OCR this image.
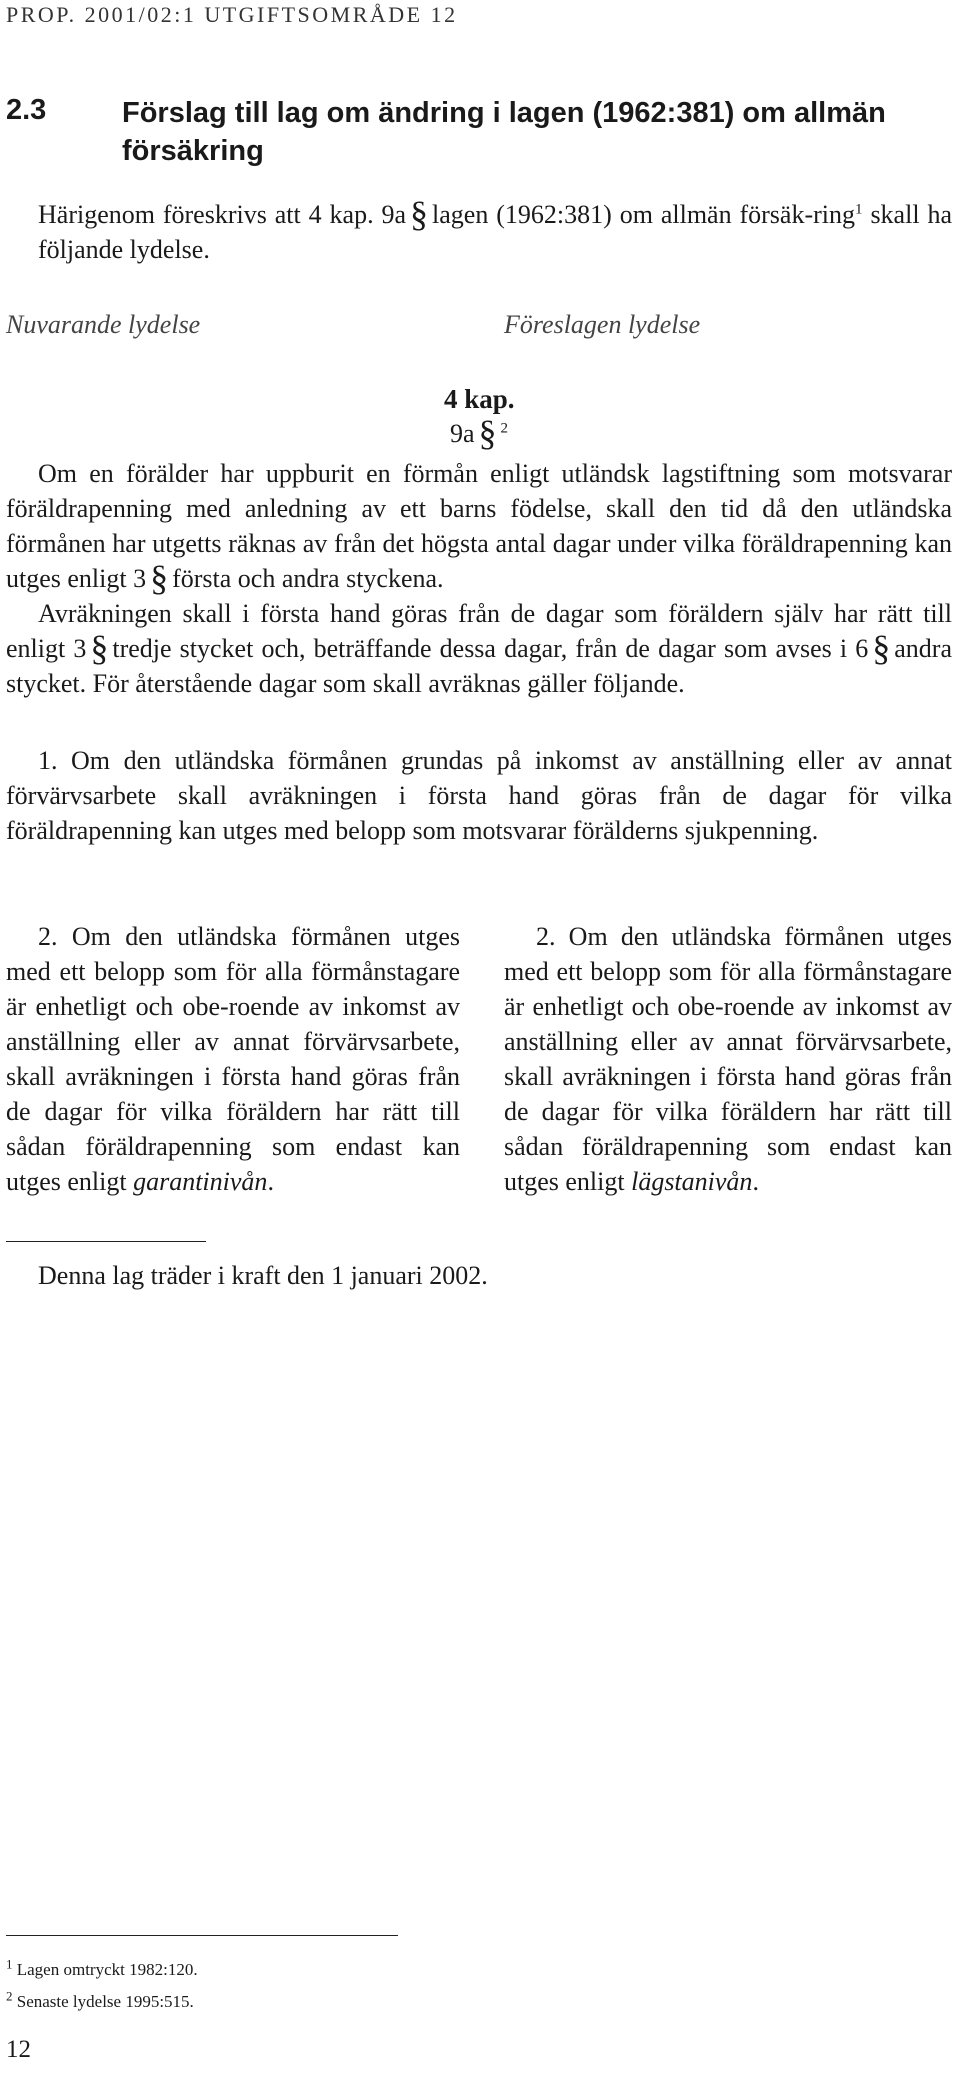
PROP. 2001/02:1 UTGIFTSOMRÅDE 12
2.3	Förslag till lag om ändring i lagen (1962:381) om allmän försäkring
Härigenom föreskrivs att 4 kap. 9a § lagen (1962:381) om allmän försäk-ring$^1$ skall ha följande lydelse.
Nuvarande lydelse	Föreslagen lydelse
4 kap.
9a § $^2$
Om en förälder har uppburit en förmån enligt utländsk lagstiftning som motsvarar föräldrapenning med anledning av ett barns födelse, skall den tid då den utländska förmånen har utgetts räknas av från det högsta antal dagar under vilka föräldrapenning kan utges enligt 3 § första och andra styckena.
Avräkningen skall i första hand göras från de dagar som föräldern själv har rätt till enligt 3 § tredje stycket och, beträffande dessa dagar, från de dagar som avses i 6 § andra stycket. För återstående dagar som skall avräknas gäller följande.
1. Om den utländska förmånen grundas på inkomst av anställning eller av annat förvärvsarbete skall avräkningen i första hand göras från de dagar för vilka föräldrapenning kan utges med belopp som motsvarar förälderns sjukpenning.
2. Om den utländska förmånen utges med ett belopp som för alla förmånstagare är enhetligt och obe-roende av inkomst av anställning eller av annat förvärvsarbete, skall avräkningen i första hand göras från de dagar för vilka föräldern har rätt till sådan föräldrapenning som endast kan utges enligt garantinivån.
2. Om den utländska förmånen utges med ett belopp som för alla förmånstagare är enhetligt och obe-roende av inkomst av anställning eller av annat förvärvsarbete, skall avräkningen i första hand göras från de dagar för vilka föräldern har rätt till sådan föräldrapenning som endast kan utges enligt lägstanivån.
Denna lag träder i kraft den 1 januari 2002.
$^1$ Lagen omtryckt 1982:120.
$^2$ Senaste lydelse 1995:515.
12
